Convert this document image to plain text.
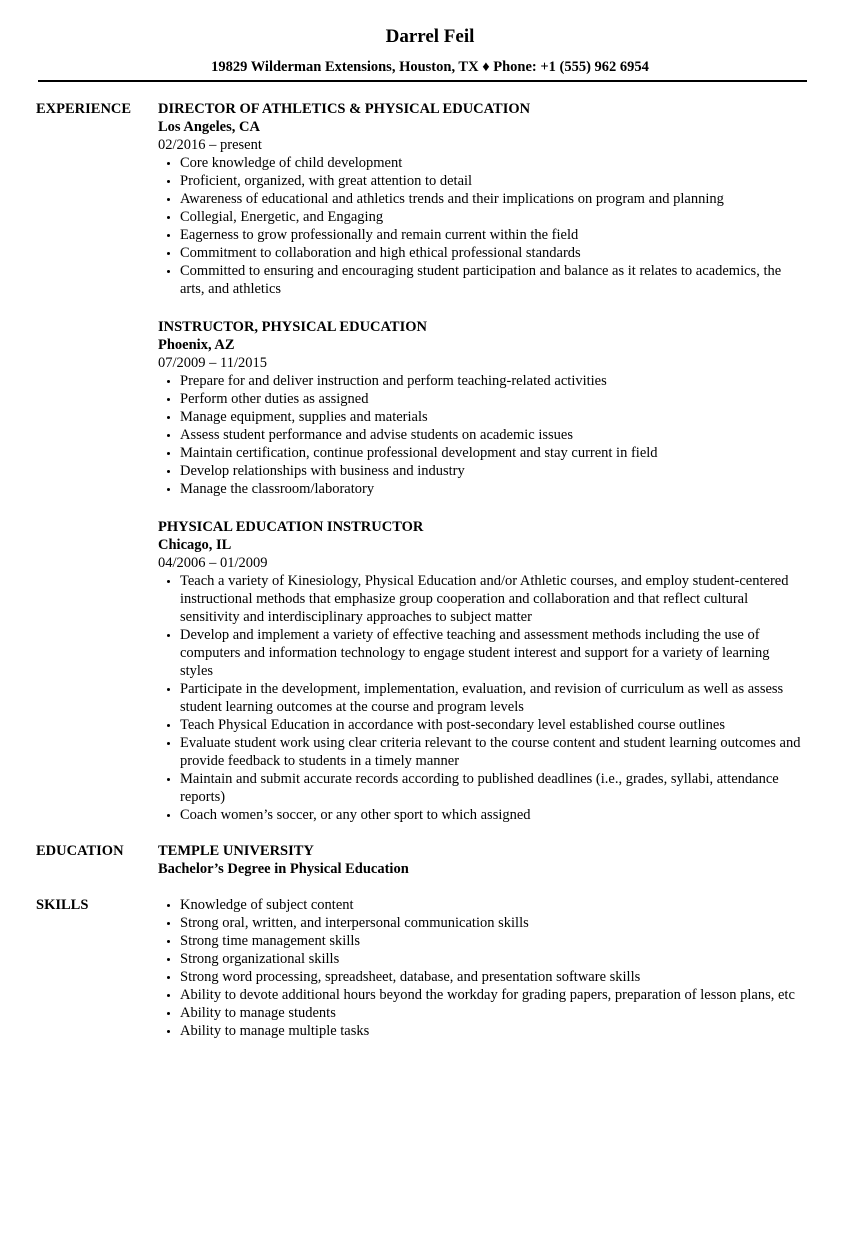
Darrel Feil
19829 Wilderman Extensions, Houston, TX ♦ Phone: +1 (555) 962 6954
EXPERIENCE	DIRECTOR OF ATHLETICS & PHYSICAL EDUCATION
Los Angeles, CA
02/2016 – present
• Core knowledge of child development
• Proficient, organized, with great attention to detail
• Awareness of educational and athletics trends and their implications on program and planning
• Collegial, Energetic, and Engaging
• Eagerness to grow professionally and remain current within the field
• Commitment to collaboration and high ethical professional standards
• Committed to ensuring and encouraging student participation and balance as it relates to academics, the arts, and athletics
INSTRUCTOR, PHYSICAL EDUCATION
Phoenix, AZ
07/2009 – 11/2015
• Prepare for and deliver instruction and perform teaching-related activities
• Perform other duties as assigned
• Manage equipment, supplies and materials
• Assess student performance and advise students on academic issues
• Maintain certification, continue professional development and stay current in field
• Develop relationships with business and industry
• Manage the classroom/laboratory
PHYSICAL EDUCATION INSTRUCTOR
Chicago, IL
04/2006 – 01/2009
• Teach a variety of Kinesiology, Physical Education and/or Athletic courses, and employ student-centered instructional methods that emphasize group cooperation and collaboration and that reflect cultural sensitivity and interdisciplinary approaches to subject matter
• Develop and implement a variety of effective teaching and assessment methods including the use of computers and information technology to engage student interest and support for a variety of learning styles
• Participate in the development, implementation, evaluation, and revision of curriculum as well as assess student learning outcomes at the course and program levels
• Teach Physical Education in accordance with post-secondary level established course outlines
• Evaluate student work using clear criteria relevant to the course content and student learning outcomes and provide feedback to students in a timely manner
• Maintain and submit accurate records according to published deadlines (i.e., grades, syllabi, attendance reports)
• Coach women’s soccer, or any other sport to which assigned
EDUCATION	TEMPLE UNIVERSITY
Bachelor’s Degree in Physical Education
SKILLS
•	Knowledge of subject content
• Strong oral, written, and interpersonal communication skills
• Strong time management skills
• Strong organizational skills
• Strong word processing, spreadsheet, database, and presentation software skills
• Ability to devote additional hours beyond the workday for grading papers, preparation of lesson plans, etc
• Ability to manage students
• Ability to manage multiple tasks
